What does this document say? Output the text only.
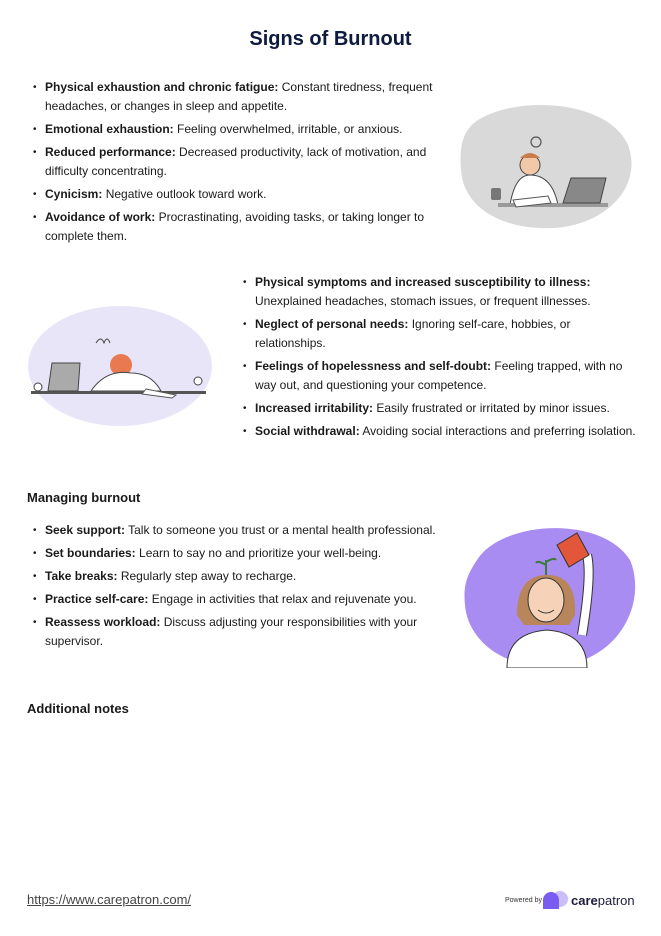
Signs of Burnout
• Physical exhaustion and chronic fatigue: Constant tiredness, frequent headaches, or changes in sleep and appetite.
• Emotional exhaustion: Feeling overwhelmed, irritable, or anxious.
• Reduced performance: Decreased productivity, lack of motivation, and difficulty concentrating.
• Cynicism: Negative outlook toward work.
• Avoidance of work: Procrastinating, avoiding tasks, or taking longer to complete them.
• Physical symptoms and increased susceptibility to illness: Unexplained headaches, stomach issues, or frequent illnesses.
• Neglect of personal needs: Ignoring self-care, hobbies, or relationships.
• Feelings of hopelessness and self-doubt: Feeling trapped, with no way out, and questioning your competence.
• Increased irritability: Easily frustrated or irritated by minor issues.
• Social withdrawal: Avoiding social interactions and preferring isolation.
Managing burnout
• Seek support: Talk to someone you trust or a mental health professional.
• Set boundaries: Learn to say no and prioritize your well-being.
• Take breaks: Regularly step away to recharge.
• Practice self-care: Engage in activities that relax and rejuvenate you.
• Reassess workload: Discuss adjusting your responsibilities with your supervisor.
Additional notes
https://www.carepatron.com/	Powered by carepatron
